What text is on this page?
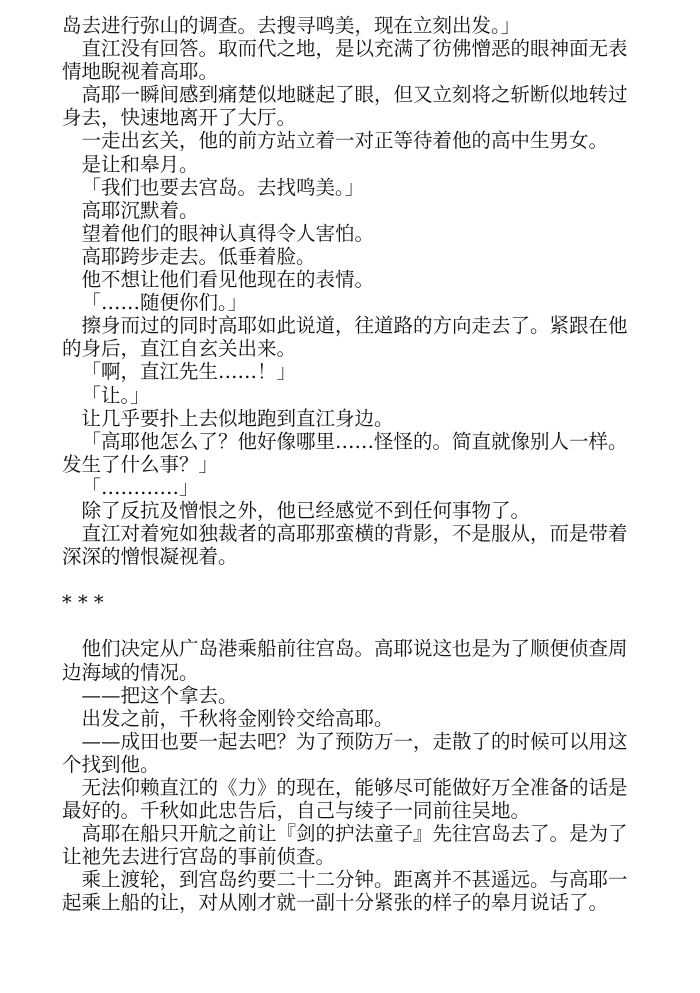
岛去进行弥山的调查。去搜寻鸣美，现在立刻出发。」

直江没有回答。取而代之地，是以充满了彷佛憎恶的眼神面无表情地睨视着高耶。

高耶一瞬间感到痛楚似地瞇起了眼，但又立刻将之斩断似地转过身去，快速地离开了大厅。

一走出玄关，他的前方站立着一对正等待着他的高中生男女。

是让和皋月。

「我们也要去宫岛。去找鸣美。」

高耶沉默着。

望着他们的眼神认真得令人害怕。

高耶跨步走去。低垂着脸。

他不想让他们看见他现在的表情。

「……随便你们。」

擦身而过的同时高耶如此说道，往道路的方向走去了。紧跟在他的身后，直江自玄关出来。

「啊，直江先生……！」

「让。」

让几乎要扑上去似地跑到直江身边。

「高耶他怎么了？他好像哪里……怪怪的。简直就像别人一样。发生了什么事？」

「…………」

除了反抗及憎恨之外，他已经感觉不到任何事物了。

直江对着宛如独裁者的高耶那蛮横的背影，不是服从，而是带着深深的憎恨凝视着。

* * *

他们决定从广岛港乘船前往宫岛。高耶说这也是为了顺便侦查周边海域的情况。

——把这个拿去。

出发之前，千秋将金刚铃交给高耶。

——成田也要一起去吧？为了预防万一，走散了的时候可以用这个找到他。

无法仰赖直江的《力》的现在，能够尽可能做好万全准备的话是最好的。千秋如此忠告后，自己与绫子一同前往吴地。

高耶在船只开航之前让『剑的护法童子』先往宫岛去了。是为了让祂先去进行宫岛的事前侦查。

乘上渡轮，到宫岛约要二十二分钟。距离并不甚遥远。与高耶一起乘上船的让，对从刚才就一副十分紧张的样子的皋月说话了。
